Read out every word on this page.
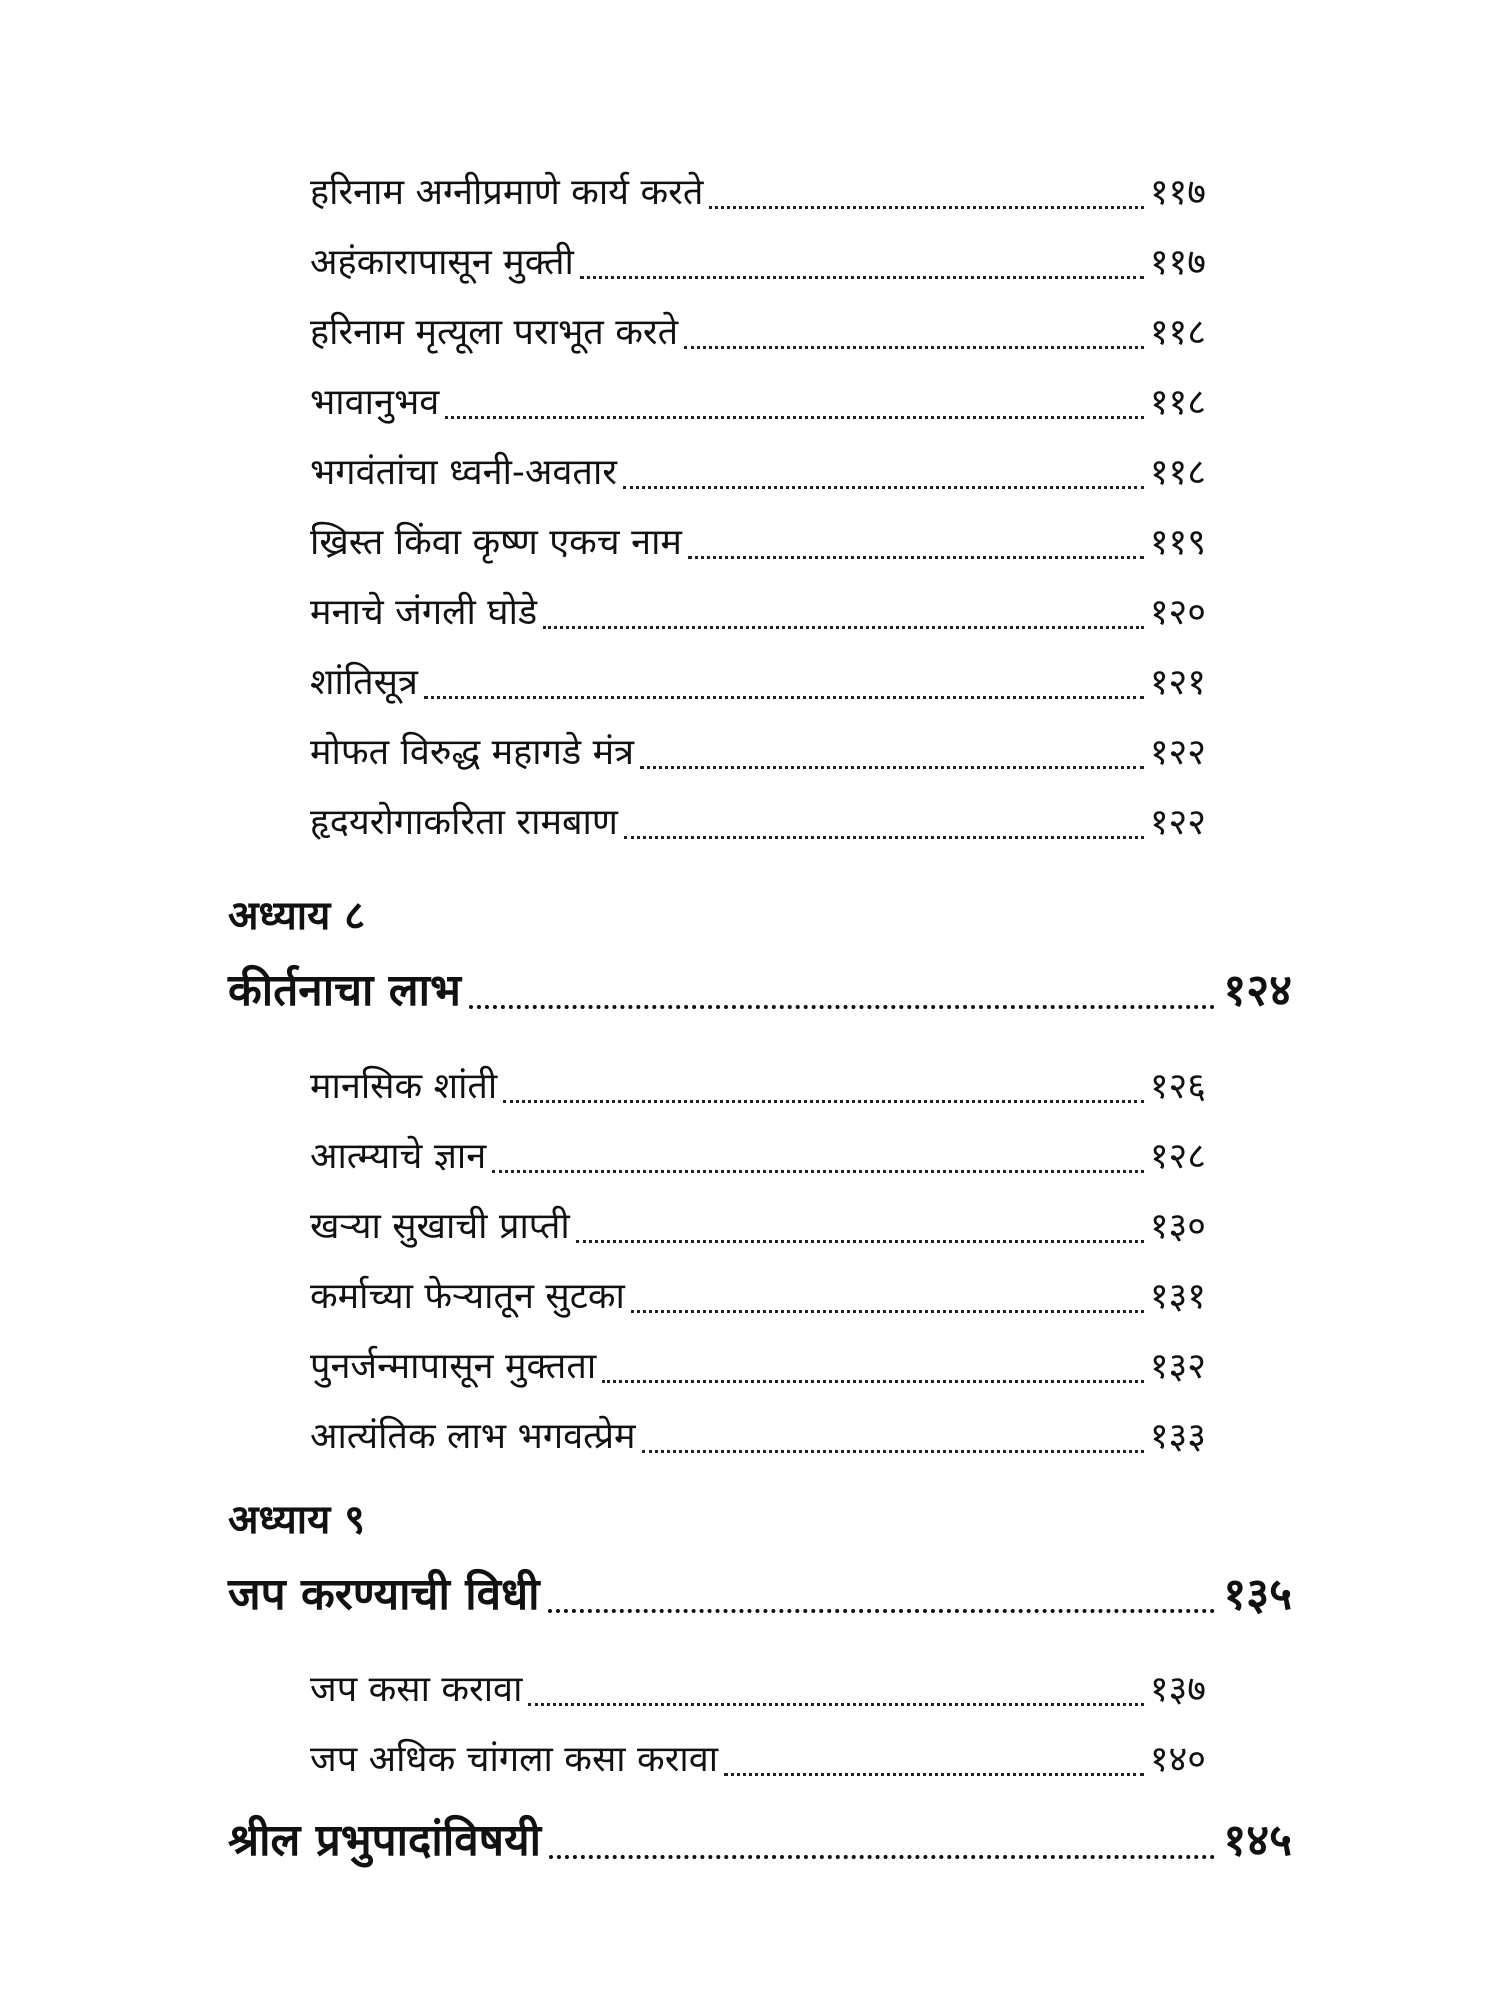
हरिनाम अग्नीप्रमाणे कार्य करते	११७
अहंकारापासून मुक्ती	११७
हरिनाम मृत्यूला पराभूत करते	११८
भावानुभव	११८
भगवंतांचा ध्वनी-अवतार	११८
ख्रिस्त किंवा कृष्ण एकच नाम	११९
मनाचे जंगली घोडे	१२०
शांतिसूत्र	१२१
मोफत विरुद्ध महागडे मंत्र	१२२
हृदयरोगाकरिता रामबाण	१२२
अध्याय ८
कीर्तनाचा लाभ	१२४
मानसिक शांती	१२६
आत्म्याचे ज्ञान	१२८
खऱ्या सुखाची प्राप्ती	१३०
कर्माच्या फेऱ्यातून सुटका	१३१
पुनर्जन्मापासून मुक्तता	१३२
आत्यंतिक लाभ भगवत्प्रेम	१३३
अध्याय ९
जप करण्याची विधी	१३५
जप कसा करावा	१३७
जप अधिक चांगला कसा करावा	१४०
श्रील प्रभुपादांविषयी	१४५
